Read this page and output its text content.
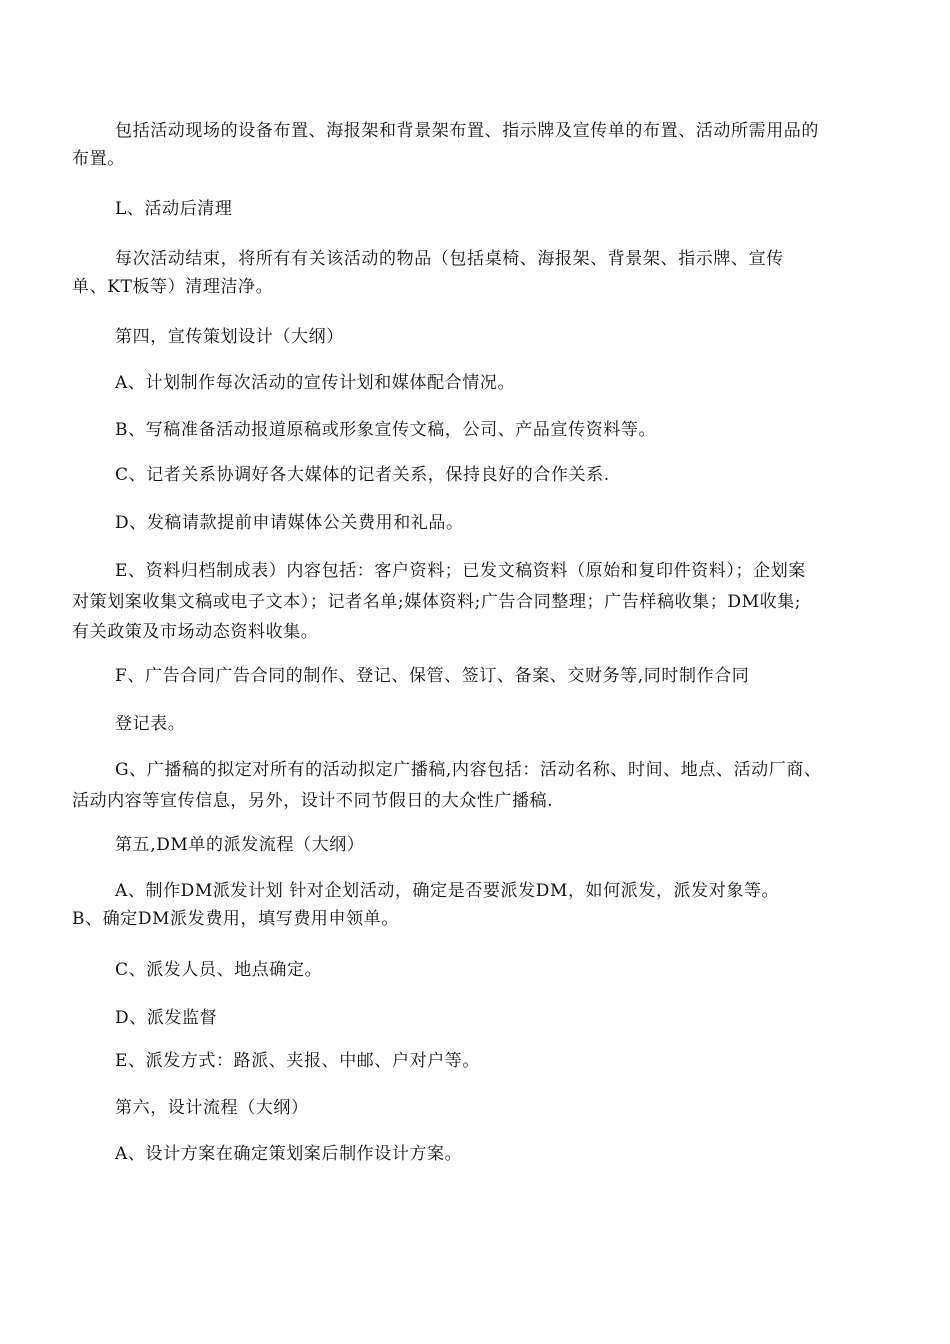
包括活动现场的设备布置、海报架和背景架布置、指示牌及宣传单的布置、活动所需用品的
布置。
L、活动后清理
每次活动结束，将所有有关该活动的物品（包括桌椅、海报架、背景架、指示牌、宣传
单、KT板等）清理洁净。
第四，宣传策划设计（大纲）
A、计划制作每次活动的宣传计划和媒体配合情况。
B、写稿准备活动报道原稿或形象宣传文稿，公司、产品宣传资料等。
C、记者关系协调好各大媒体的记者关系，保持良好的合作关系.
D、发稿请款提前申请媒体公关费用和礼品。
E、资料归档制成表）内容包括：客户资料；已发文稿资料（原始和复印件资料）；企划案
对策划案收集文稿或电子文本）；记者名单;媒体资料;广告合同整理；广告样稿收集；DM收集;
有关政策及市场动态资料收集。
F、广告合同广告合同的制作、登记、保管、签订、备案、交财务等,同时制作合同
登记表。
G、广播稿的拟定对所有的活动拟定广播稿,内容包括：活动名称、时间、地点、活动厂商、
活动内容等宣传信息，另外，设计不同节假日的大众性广播稿.
第五,DM单的派发流程（大纲）
A、制作DM派发计划 针对企划活动，确定是否要派发DM，如何派发，派发对象等。
B、确定DM派发费用，填写费用申领单。
C、派发人员、地点确定。
D、派发监督
E、派发方式：路派、夹报、中邮、户对户等。
第六，设计流程（大纲）
A、设计方案在确定策划案后制作设计方案。
